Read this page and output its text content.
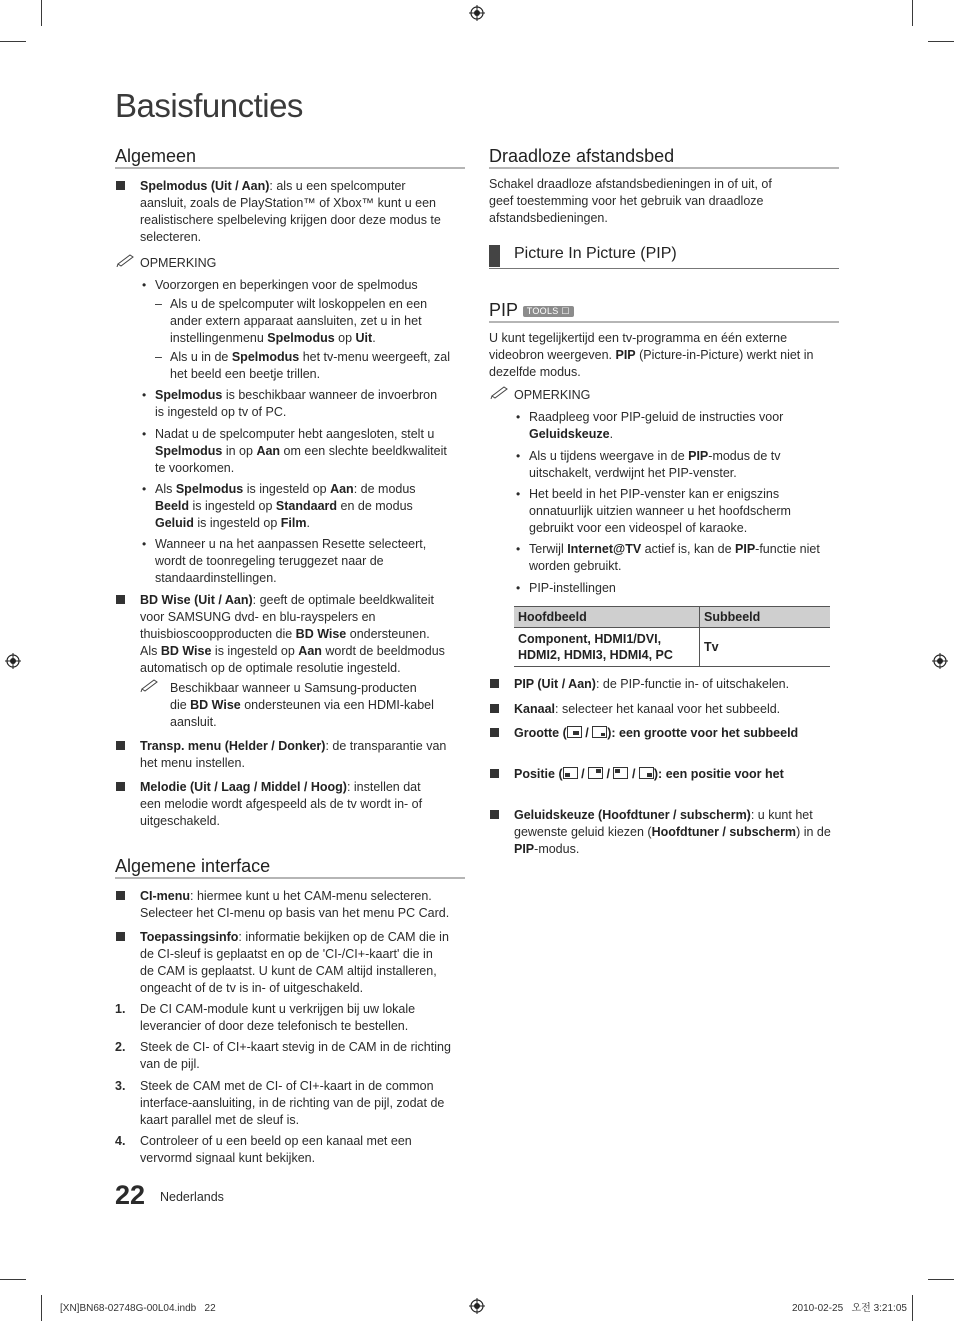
Basisfuncties
Algemeen

Spelmodus (Uit / Aan): als u een spelcomputer
aansluit, zoals de PlayStation™ of Xbox™ kunt u een
realistischere spelbeleving krijgen door deze modus te
selecteren.

OPMERKING

• Voorzorgen en beperkingen voor de spelmodus

– Als u de spelcomputer wilt loskoppelen en een
ander extern apparaat aansluiten, zet u in het
instellingenmenu Spelmodus op Uit.

– Als u in de Spelmodus het tv-menu weergeeft, zal
het beeld een beetje trillen.

• Spelmodus is beschikbaar wanneer de invoerbron
is ingesteld op tv of PC.

• Nadat u de spelcomputer hebt aangesloten, stelt u
Spelmodus in op Aan om een slechte beeldkwaliteit
te voorkomen.

• Als Spelmodus is ingesteld op Aan: de modus
Beeld is ingesteld op Standaard en de modus
Geluid is ingesteld op Film.

• Wanneer u na het aanpassen Resette selecteert,
wordt de toonregeling teruggezet naar de
standaardinstellingen.

BD Wise (Uit / Aan): geeft de optimale beeldkwaliteit
voor SAMSUNG dvd- en blu-rayspelers en
thuisbioscoopproducten die BD Wise ondersteunen.
Als BD Wise is ingesteld op Aan wordt de beeldmodus
automatisch op de optimale resolutie ingesteld.

Beschikbaar wanneer u Samsung-producten
die BD Wise ondersteunen via een HDMI-kabel
aansluit.

Transp. menu (Helder / Donker): de transparantie van
het menu instellen.

Melodie (Uit / Laag / Middel / Hoog): instellen dat
een melodie wordt afgespeeld als de tv wordt in- of
uitgeschakeld.

Algemene interface

CI-menu: hiermee kunt u het CAM-menu selecteren.
Selecteer het CI-menu op basis van het menu PC Card.

Toepassingsinfo: informatie bekijken op de CAM die in
de CI-sleuf is geplaatst en op de 'CI-/CI+-kaart' die in
de CAM is geplaatst. U kunt de CAM altijd installeren,
ongeacht of de tv is in- of uitgeschakeld.

1. De CI CAM-module kunt u verkrijgen bij uw lokale
leverancier of door deze telefonisch te bestellen.

2. Steek de CI- of CI+-kaart stevig in de CAM in de richting
van de pijl.

3. Steek de CAM met de CI- of CI+-kaart in de common
interface-aansluiting, in de richting van de pijl, zodat de
kaart parallel met de sleuf is.

4. Controleer of u een beeld op een kanaal met een
vervormd signaal kunt bekijken.

Draadloze afstandsbed

Schakel draadloze afstandsbedieningen in of uit, of
geef toestemming voor het gebruik van draadloze
afstandsbedieningen.

Picture In Picture (PIP)
PIP TOOLS ☐

U kunt tegelijkertijd een tv-programma en één externe
videobron weergeven. PIP (Picture-in-Picture) werkt niet in
dezelfde modus.

OPMERKING

• Raadpleeg voor PIP-geluid de instructies voor
Geluidskeuze.

• Als u tijdens weergave in de PIP-modus de tv
uitschakelt, verdwijnt het PIP-venster.

• Het beeld in het PIP-venster kan er enigszins
onnatuurlijk uitzien wanneer u het hoofdscherm
gebruikt voor een videospel of karaoke.

• Terwijl Internet@TV actief is, kan de PIP-functie niet
worden gebruikt.

• PIP-instellingen

Hoofdbeeld	Subbeeld
Component, HDMI1/DVI,
HDMI2, HDMI3, HDMI4, PC	Tv

PIP (Uit / Aan): de PIP-functie in- of uitschakelen.

Kanaal: selecteer het kanaal voor het subbeeld.

Grootte (
/
): een grootte voor het subbeeld

Positie (
/
/
/
): een positie voor het

Geluidskeuze (Hoofdtuner / subscherm): u kunt het
gewenste geluid kiezen (Hoofdtuner / subscherm) in de
PIP-modus.

22 Nederlands
[XN]BN68-02748G-00L04.indb   22	2010-02-25   오전 3:21:05
